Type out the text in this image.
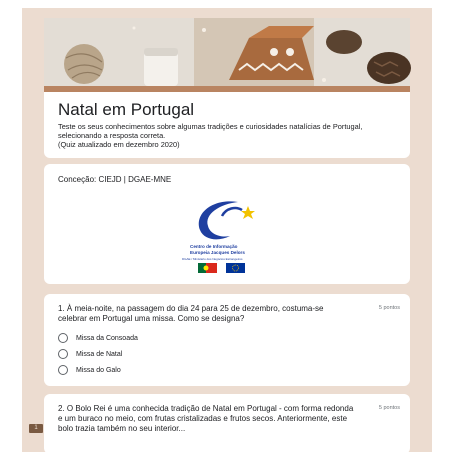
Natal em Portugal
Teste os seus conhecimentos sobre algumas tradições e curiosidades natalícias de Portugal, selecionando a resposta correta.
(Quiz atualizado em dezembro 2020)
Conceção: CIEJD | DGAE-MNE
Centro de Informação
Europeia Jacques Delors
DGAE / Ministério dos Negócios Estrangeiros
1. À meia-noite, na passagem do dia 24 para 25 de dezembro, costuma-se celebrar em Portugal uma missa. Como se designa?
5 pontos
Missa da Consoada
Missa de Natal
Missa do Galo
2. O Bolo Rei é uma conhecida tradição de Natal em Portugal - com forma redonda e um buraco no meio, com frutas cristalizadas e frutos secos. Anteriormente, este bolo trazia também no seu interior...
5 pontos
1
